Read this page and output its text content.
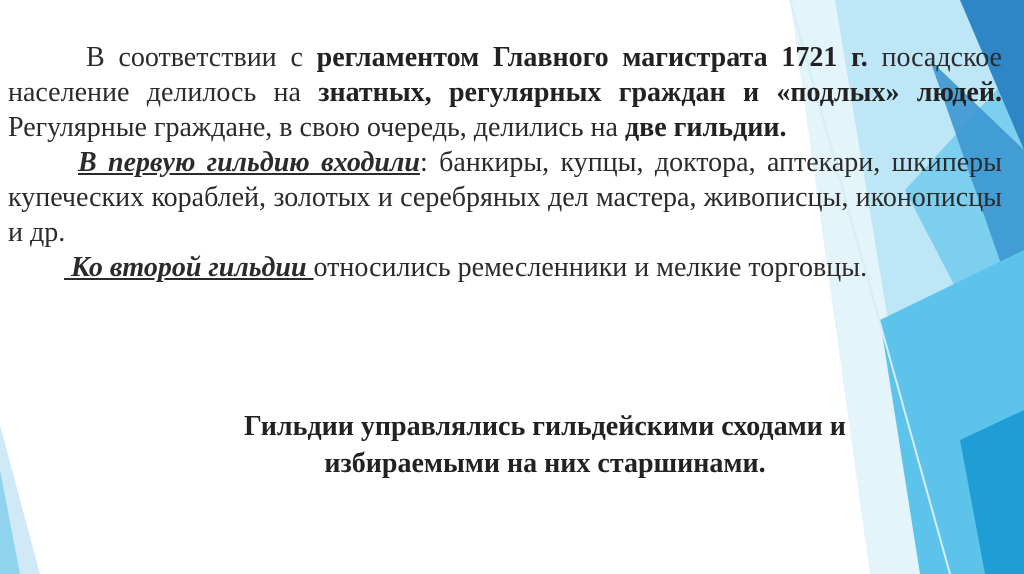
В соответствии с регламентом Главного магистрата 1721 г. посадское население делилось на знатных, регулярных граждан и «подлых» людей. Регулярные граждане, в свою очередь, делились на две гильдии.

В первую гильдию входили: банкиры, купцы, доктора, аптекари, шкиперы купеческих кораблей, золотых и серебряных дел мастера, живописцы, иконописцы и др.

Ко второй гильдии относились ремесленники и мелкие торговцы.

Гильдии управлялись гильдейскими сходами и
избираемыми на них старшинами.
